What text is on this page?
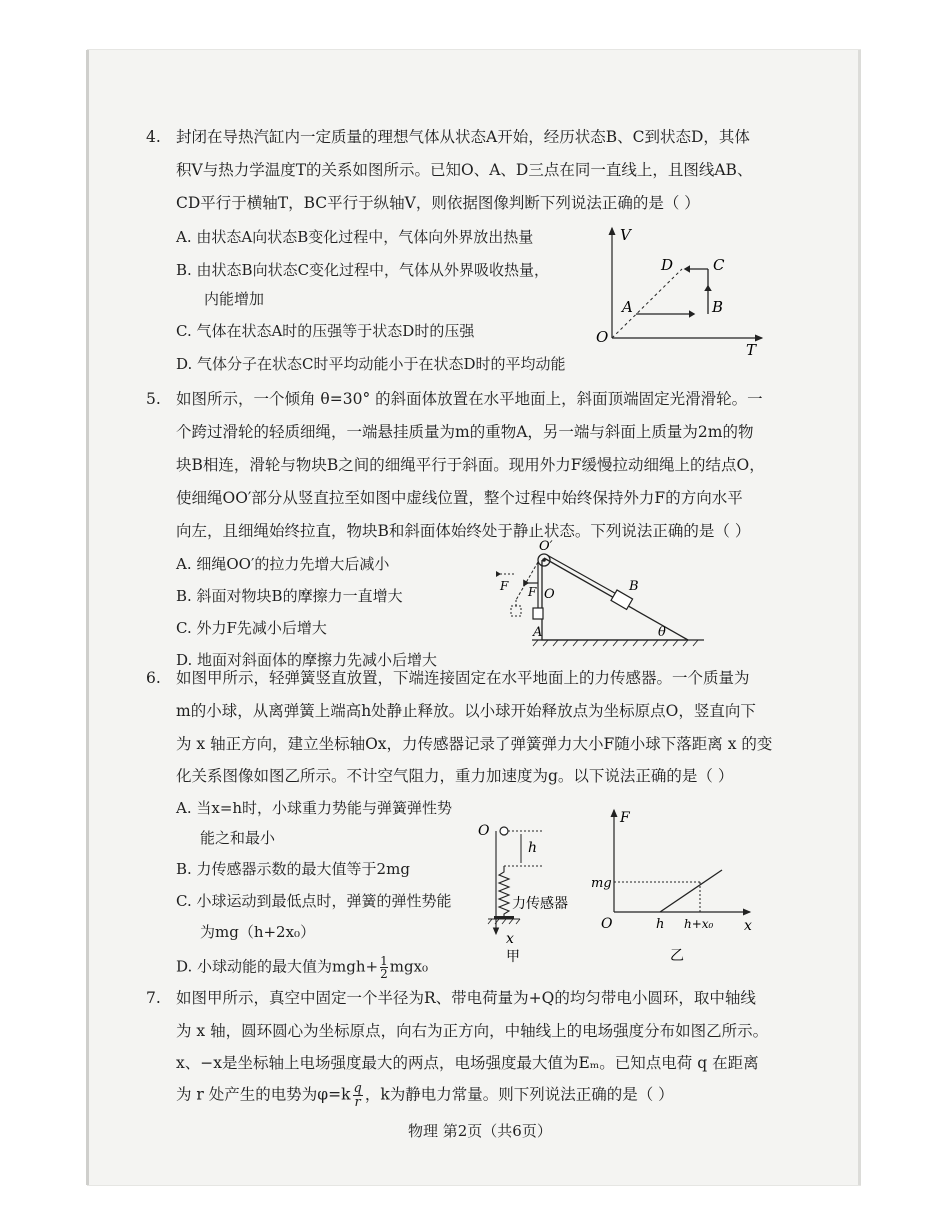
4. 封闭在导热汽缸内一定质量的理想气体从状态A开始，经历状态B、C到状态D，其体
积V与热力学温度T的关系如图所示。已知O、A、D三点在同一直线上，且图线AB、
CD平行于横轴T，BC平行于纵轴V，则依据图像判断下列说法正确的是（ ）
A. 由状态A向状态B变化过程中，气体向外界放出热量
B. 由状态B向状态C变化过程中，气体从外界吸收热量，
内能增加
C. 气体在状态A时的压强等于状态D时的压强
D. 气体分子在状态C时平均动能小于在状态D时的平均动能
V
T
O
A	B
C
D
5. 如图所示，一个倾角 θ=30° 的斜面体放置在水平地面上，斜面顶端固定光滑滑轮。一
个跨过滑轮的轻质细绳，一端悬挂质量为m的重物A，另一端与斜面上质量为2m的物
块B相连，滑轮与物块B之间的细绳平行于斜面。现用外力F缓慢拉动细绳上的结点O，
使细绳OO′部分从竖直拉至如图中虚线位置，整个过程中始终保持外力F的方向水平
向左，且细绳始终拉直，物块B和斜面体始终处于静止状态。下列说法正确的是（ ）
A. 细绳OO′的拉力先增大后减小
B. 斜面对物块B的摩擦力一直增大
C. 外力F先减小后增大
D. 地面对斜面体的摩擦力先减小后增大
O′
O
F
F
A
B
θ
6. 如图甲所示，轻弹簧竖直放置，下端连接固定在水平地面上的力传感器。一个质量为
m的小球，从离弹簧上端高h处静止释放。以小球开始释放点为坐标原点O，竖直向下
为 x 轴正方向，建立坐标轴Ox，力传感器记录了弹簧弹力大小F随小球下落距离 x 的变
化关系图像如图乙所示。不计空气阻力，重力加速度为g。以下说法正确的是（ ）
A. 当x=h时，小球重力势能与弹簧弹性势
能之和最小
B. 力传感器示数的最大值等于2mg
C. 小球运动到最低点时，弹簧的弹性势能
为mg（h+2x₀）
D. 小球动能的最大值为$mgh+ \frac{1}{2} mgx_0$
O
h
力传感器
x
甲
F
x
O
mg
h h+x₀
乙
7. 如图甲所示，真空中固定一个半径为R、带电荷量为+Q的均匀带电小圆环，取中轴线
为 x 轴，圆环圆心为坐标原点，向右为正方向，中轴线上的电场强度分布如图乙所示。
x、−x是坐标轴上电场强度最大的两点，电场强度最大值为Eₘ。已知点电荷 q 在距离
为 r 处产生的电势为$\varphi=k \frac{q}{r}$ ，k为静电力常量。则下列说法正确的是（ ）
物理 第2页（共6页）
